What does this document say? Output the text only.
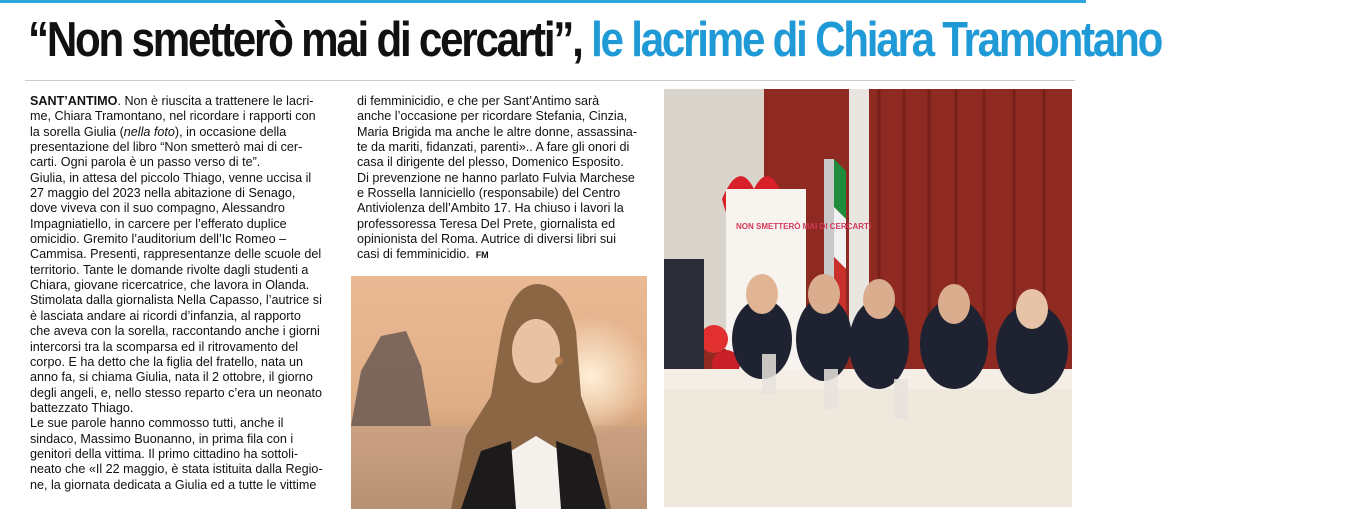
“Non smetterò mai di cercarti”, le lacrime di Chiara Tramontano

SANT’ANTIMO. Non è riuscita a trattenere le lacri-

me, Chiara Tramontano, nel ricordare i rapporti con

la sorella Giulia (nella foto), in occasione della

presentazione del libro “Non smetterò mai di cer-

carti. Ogni parola è un passo verso di te”.

Giulia, in attesa del piccolo Thiago, venne uccisa il

27 maggio del 2023 nella abitazione di Senago,

dove viveva con il suo compagno, Alessandro

Impagniatiello, in carcere per l’efferato duplice

omicidio. Gremito l’auditorium dell’Ic Romeo –

Cammisa. Presenti, rappresentanze delle scuole del

territorio. Tante le domande rivolte dagli studenti a

Chiara, giovane ricercatrice, che lavora in Olanda.

Stimolata dalla giornalista Nella Capasso, l’autrice si

è lasciata andare ai ricordi d’infanzia, al rapporto

che aveva con la sorella, raccontando anche i giorni

intercorsi tra la scomparsa ed il ritrovamento del

corpo. E ha detto che la figlia del fratello, nata un

anno fa, si chiama Giulia, nata il 2 ottobre, il giorno

degli angeli, e, nello stesso reparto c’era un neonato

battezzato Thiago.

Le sue parole hanno commosso tutti, anche il

sindaco, Massimo Buonanno, in prima fila con i

genitori della vittima. Il primo cittadino ha sottoli-

neato che «Il 22 maggio, è stata istituita dalla Regio-

ne, la giornata dedicata a Giulia ed a tutte le vittime

di femminicidio, e che per Sant’Antimo sarà

anche l’occasione per ricordare Stefania, Cinzia,

Maria Brigida ma anche le altre donne, assassina-

te da mariti, fidanzati, parenti».. A fare gli onori di

casa il dirigente del plesso, Domenico Esposito.

Di prevenzione ne hanno parlato Fulvia Marchese

e Rossella Ianniciello (responsabile) del Centro

Antiviolenza dell’Ambito 17. Ha chiuso i lavori la

professoressa Teresa Del Prete, giornalista ed

opinionista del Roma. Autrice di diversi libri sui

casi di femminicidio. FM

NON SMETTERÒ MAI DI CERCARTI
